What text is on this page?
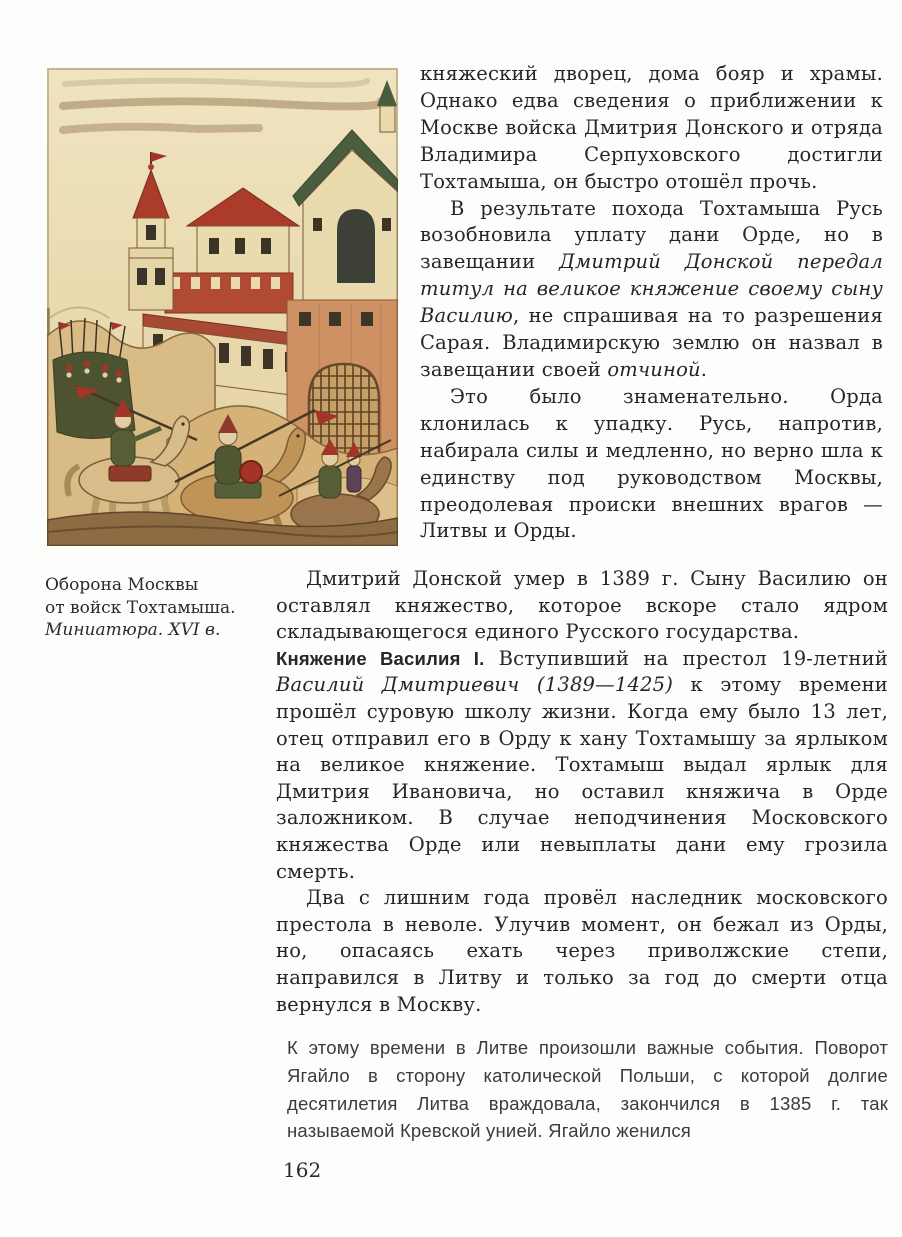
Оборона Москвы
от войск Тохтамыша.
Миниатюра. XVI в.

княжеский дворец, дома бояр и храмы. Однако едва сведения о приближении к Москве войска Дмитрия Донского и отряда Владимира Серпуховского достигли Тохтамыша, он быстро отошёл прочь.

В результате похода Тохтамыша Русь возобновила уплату дани Орде, но в завещании Дмитрий Донской передал титул на великое княжение своему сыну Василию, не спрашивая на то разрешения Сарая. Владимирскую землю он назвал в завещании своей отчиной.

Это было знаменательно. Орда клонилась к упадку. Русь, напротив, набирала силы и медленно, но верно шла к единству под руководством Москвы, преодолевая происки внешних врагов — Литвы и Орды.

Дмитрий Донской умер в 1389 г. Сыну Василию он оставлял княжество, которое вскоре стало ядром складывающегося единого Русского государства.

Княжение Василия I. Вступивший на престол 19-летний Василий Дмитриевич (1389—1425) к этому времени прошёл суровую школу жизни. Когда ему было 13 лет, отец отправил его в Орду к хану Тохтамышу за ярлыком на великое княжение. Тохтамыш выдал ярлык для Дмитрия Ивановича, но оставил княжича в Орде заложником. В случае неподчинения Московского княжества Орде или невыплаты дани ему грозила смерть.

Два с лишним года провёл наследник московского престола в неволе. Улучив момент, он бежал из Орды, но, опасаясь ехать через приволжские степи, направился в Литву и только за год до смерти отца вернулся в Москву.

К этому времени в Литве произошли важные события. Поворот Ягайло в сторону католической Польши, с которой долгие десятилетия Литва враждовала, закончился в 1385 г. так называемой Кревской унией. Ягайло женился

162
